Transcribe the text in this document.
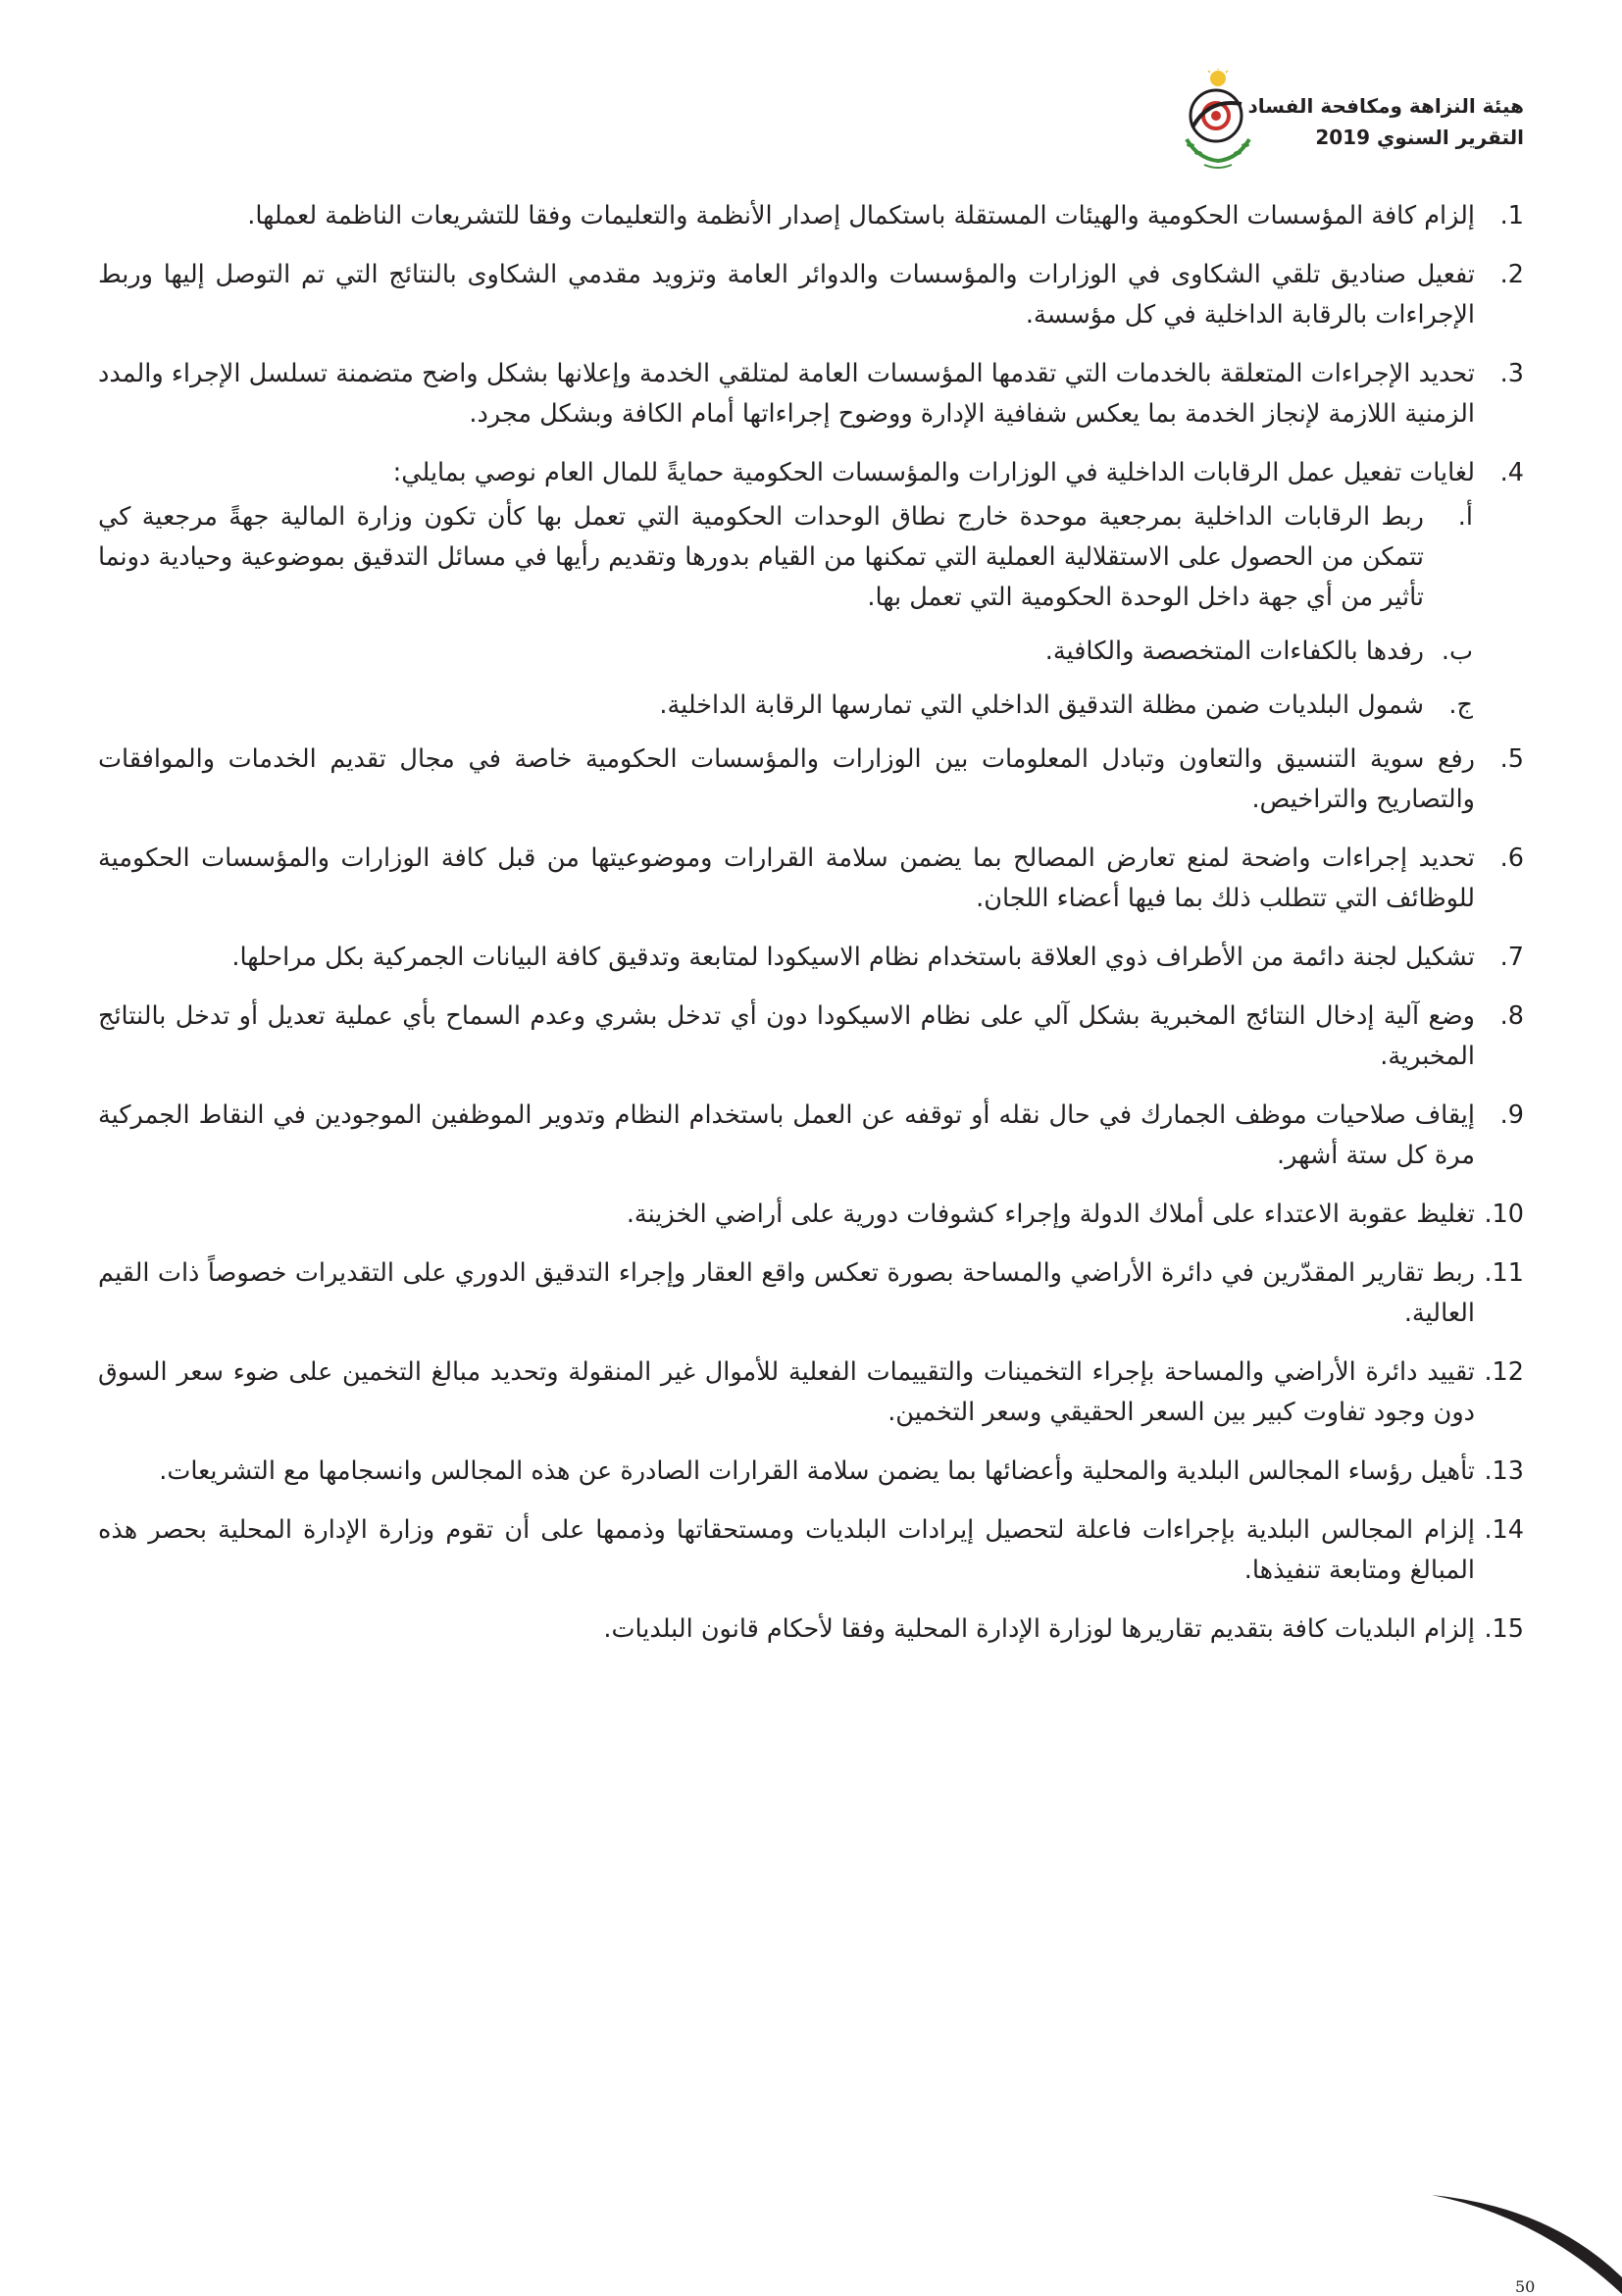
هيئة النزاهة ومكافحة الفساد
التقرير السنوي 2019
1.
إلزام كافة المؤسسات الحكومية والهيئات المستقلة باستكمال إصدار الأنظمة والتعليمات وفقا للتشريعات الناظمة لعملها.
2.
تفعيل صناديق تلقي الشكاوى في الوزارات والمؤسسات والدوائر العامة وتزويد مقدمي الشكاوى بالنتائج التي تم التوصل إليها وربط الإجراءات بالرقابة الداخلية في كل مؤسسة.
3.
تحديد الإجراءات المتعلقة بالخدمات التي تقدمها المؤسسات العامة لمتلقي الخدمة وإعلانها بشكل واضح متضمنة تسلسل الإجراء والمدد الزمنية اللازمة لإنجاز الخدمة بما يعكس شفافية الإدارة ووضوح إجراءاتها أمام الكافة وبشكل مجرد.
4.
لغايات تفعيل عمل الرقابات الداخلية في الوزارات والمؤسسات الحكومية حمايةً للمال العام نوصي بمايلي:
أ.
ربط الرقابات الداخلية بمرجعية موحدة خارج نطاق الوحدات الحكومية التي تعمل بها كأن تكون وزارة المالية جهةً مرجعية كي تتمكن من الحصول على الاستقلالية العملية التي تمكنها من القيام بدورها وتقديم رأيها في مسائل التدقيق بموضوعية وحيادية دونما تأثير من أي جهة داخل الوحدة الحكومية التي تعمل بها.
ب.
رفدها بالكفاءات المتخصصة والكافية.
ج.
شمول البلديات ضمن مظلة التدقيق الداخلي التي تمارسها الرقابة الداخلية.
5.
رفع سوية التنسيق والتعاون وتبادل المعلومات بين الوزارات والمؤسسات الحكومية خاصة في مجال تقديم الخدمات والموافقات والتصاريح والتراخيص.
6.
تحديد إجراءات واضحة لمنع تعارض المصالح بما يضمن سلامة القرارات وموضوعيتها من قبل كافة الوزارات والمؤسسات الحكومية للوظائف التي تتطلب ذلك بما فيها أعضاء اللجان.
7.
تشكيل لجنة دائمة من الأطراف ذوي العلاقة باستخدام نظام الاسيكودا لمتابعة وتدقيق كافة البيانات الجمركية بكل مراحلها.
8.
وضع آلية إدخال النتائج المخبرية بشكل آلي على نظام الاسيكودا دون أي تدخل بشري وعدم السماح بأي عملية تعديل أو تدخل بالنتائج المخبرية.
9.
إيقاف صلاحيات موظف الجمارك في حال نقله أو توقفه عن العمل باستخدام النظام وتدوير الموظفين الموجودين في النقاط الجمركية مرة كل ستة أشهر.
10.
تغليظ عقوبة الاعتداء على أملاك الدولة وإجراء كشوفات دورية على أراضي الخزينة.
11.
ربط تقارير المقدّرين في دائرة الأراضي والمساحة بصورة تعكس واقع العقار وإجراء التدقيق الدوري على التقديرات خصوصاً ذات القيم العالية.
12.
تقييد دائرة الأراضي والمساحة بإجراء التخمينات والتقييمات الفعلية للأموال غير المنقولة وتحديد مبالغ التخمين على ضوء سعر السوق دون وجود تفاوت كبير بين السعر الحقيقي وسعر التخمين.
13.
تأهيل رؤساء المجالس البلدية والمحلية وأعضائها بما يضمن سلامة القرارات الصادرة عن هذه المجالس وانسجامها مع التشريعات.
14.
إلزام المجالس البلدية بإجراءات فاعلة لتحصيل إيرادات البلديات ومستحقاتها وذممها على أن تقوم وزارة الإدارة المحلية بحصر هذه المبالغ ومتابعة تنفيذها.
15.
إلزام البلديات كافة بتقديم تقاريرها لوزارة الإدارة المحلية وفقا لأحكام قانون البلديات.
50
